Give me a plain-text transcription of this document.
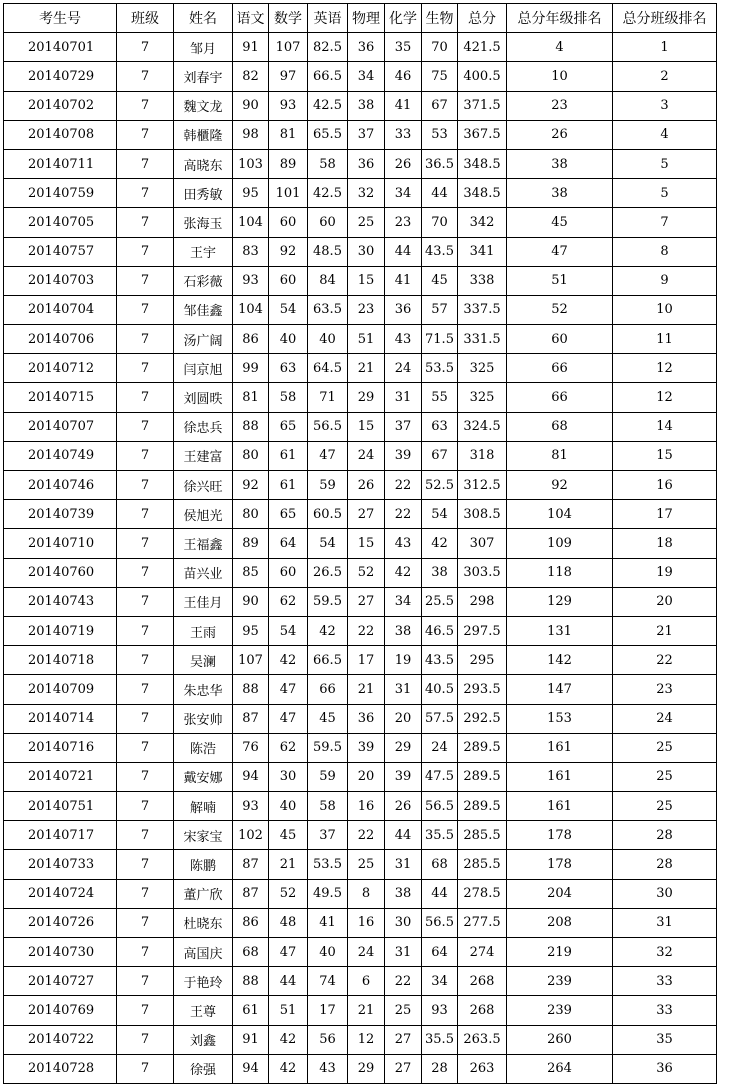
考生号	班级	姓名	语文	数学	英语	物理	化学	生物	总分	总分年级排名	总分班级排名
20140701	7	邹月	91	107	82.5	36	35	70	421.5	4	1
20140729	7	刘春宇	82	97	66.5	34	46	75	400.5	10	2
20140702	7	魏文龙	90	93	42.5	38	41	67	371.5	23	3
20140708	7	韩櫃隆	98	81	65.5	37	33	53	367.5	26	4
20140711	7	高晓东	103	89	58	36	26	36.5	348.5	38	5
20140759	7	田秀敏	95	101	42.5	32	34	44	348.5	38	5
20140705	7	张海玉	104	60	60	25	23	70	342	45	7
20140757	7	王宇	83	92	48.5	30	44	43.5	341	47	8
20140703	7	石彩薇	93	60	84	15	41	45	338	51	9
20140704	7	邹佳鑫	104	54	63.5	23	36	57	337.5	52	10
20140706	7	汤广阔	86	40	40	51	43	71.5	331.5	60	11
20140712	7	闫京旭	99	63	64.5	21	24	53.5	325	66	12
20140715	7	刘圆昳	81	58	71	29	31	55	325	66	12
20140707	7	徐忠兵	88	65	56.5	15	37	63	324.5	68	14
20140749	7	王建富	80	61	47	24	39	67	318	81	15
20140746	7	徐兴旺	92	61	59	26	22	52.5	312.5	92	16
20140739	7	侯旭光	80	65	60.5	27	22	54	308.5	104	17
20140710	7	王福鑫	89	64	54	15	43	42	307	109	18
20140760	7	苗兴业	85	60	26.5	52	42	38	303.5	118	19
20140743	7	王佳月	90	62	59.5	27	34	25.5	298	129	20
20140719	7	王雨	95	54	42	22	38	46.5	297.5	131	21
20140718	7	吴澜	107	42	66.5	17	19	43.5	295	142	22
20140709	7	朱忠华	88	47	66	21	31	40.5	293.5	147	23
20140714	7	张安帅	87	47	45	36	20	57.5	292.5	153	24
20140716	7	陈浩	76	62	59.5	39	29	24	289.5	161	25
20140721	7	戴安娜	94	30	59	20	39	47.5	289.5	161	25
20140751	7	解喃	93	40	58	16	26	56.5	289.5	161	25
20140717	7	宋家宝	102	45	37	22	44	35.5	285.5	178	28
20140733	7	陈鹏	87	21	53.5	25	31	68	285.5	178	28
20140724	7	董广欣	87	52	49.5	8	38	44	278.5	204	30
20140726	7	杜晓东	86	48	41	16	30	56.5	277.5	208	31
20140730	7	高国庆	68	47	40	24	31	64	274	219	32
20140727	7	于艳玲	88	44	74	6	22	34	268	239	33
20140769	7	王尊	61	51	17	21	25	93	268	239	33
20140722	7	刘鑫	91	42	56	12	27	35.5	263.5	260	35
20140728	7	徐强	94	42	43	29	27	28	263	264	36
